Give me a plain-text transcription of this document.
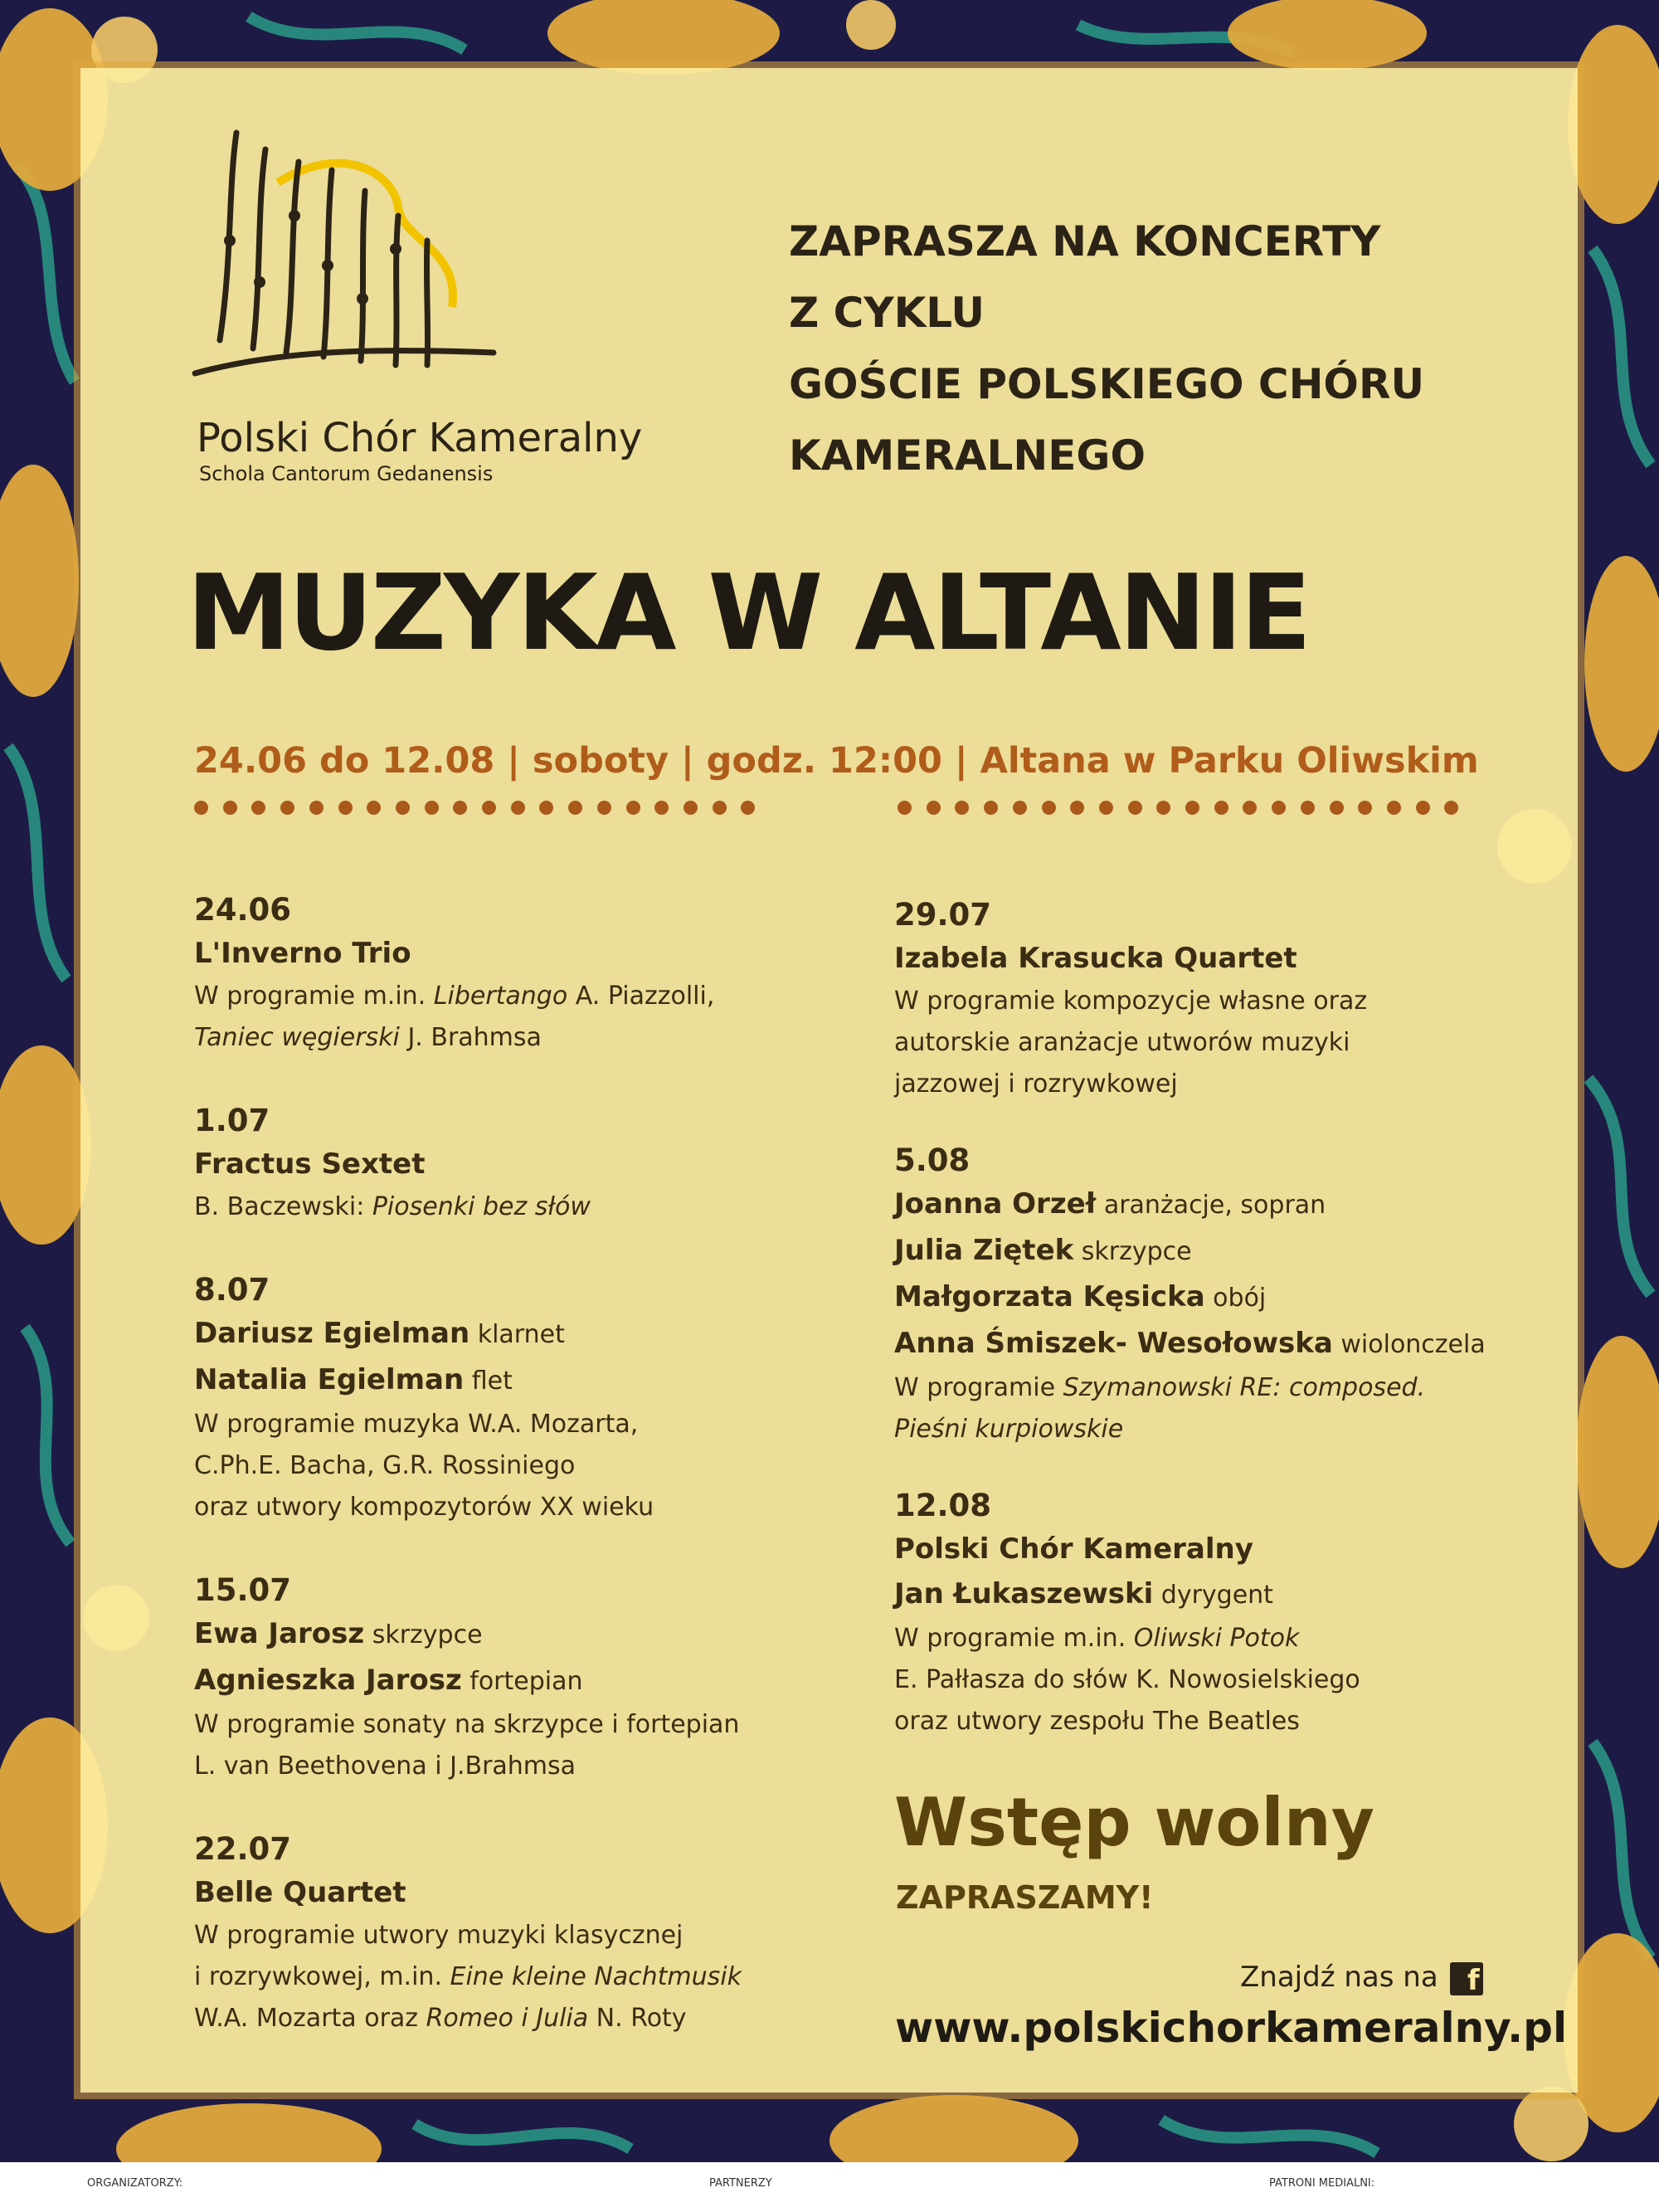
Polski Chór Kameralny
Schola Cantorum Gedanensis
ZAPRASZA NA KONCERTY
Z CYKLU
GOŚCIE POLSKIEGO CHÓRU
KAMERALNEGO
MUZYKA W ALTANIE
24.06 do 12.08 | soboty | godz. 12:00 | Altana w Parku Oliwskim
24.06
L'Inverno Trio
W programie m.in. Libertango A. Piazzolli,
Taniec węgierski J. Brahmsa
1.07
Fractus Sextet
B. Baczewski: Piosenki bez słów
8.07
Dariusz Egielman klarnet
Natalia Egielman flet
W programie muzyka W.A. Mozarta,
C.Ph.E. Bacha, G.R. Rossiniego
oraz utwory kompozytorów XX wieku
15.07
Ewa Jarosz skrzypce
Agnieszka Jarosz fortepian
W programie sonaty na skrzypce i fortepian
L. van Beethovena i J.Brahmsa
22.07
Belle Quartet
W programie utwory muzyki klasycznej
i rozrywkowej, m.in. Eine kleine Nachtmusik
W.A. Mozarta oraz Romeo i Julia N. Roty
29.07
Izabela Krasucka Quartet
W programie kompozycje własne oraz
autorskie aranżacje utworów muzyki
jazzowej i rozrywkowej
5.08
Joanna Orzeł aranżacje, sopran
Julia Ziętek skrzypce
Małgorzata Kęsicka obój
Anna Śmiszek- Wesołowska wiolonczela
W programie Szymanowski RE: composed.
Pieśni kurpiowskie
12.08
Polski Chór Kameralny
Jan Łukaszewski dyrygent
W programie m.in. Oliwski Potok
E. Pałłasza do słów K. Nowosielskiego
oraz utwory zespołu The Beatles
Wstęp wolny
ZAPRASZAMY!
Znajdź nas na f
www.polskichorkameralny.pl
ORGANIZATORZY:	PARTNERZY	PATRONI MEDIALNI:
